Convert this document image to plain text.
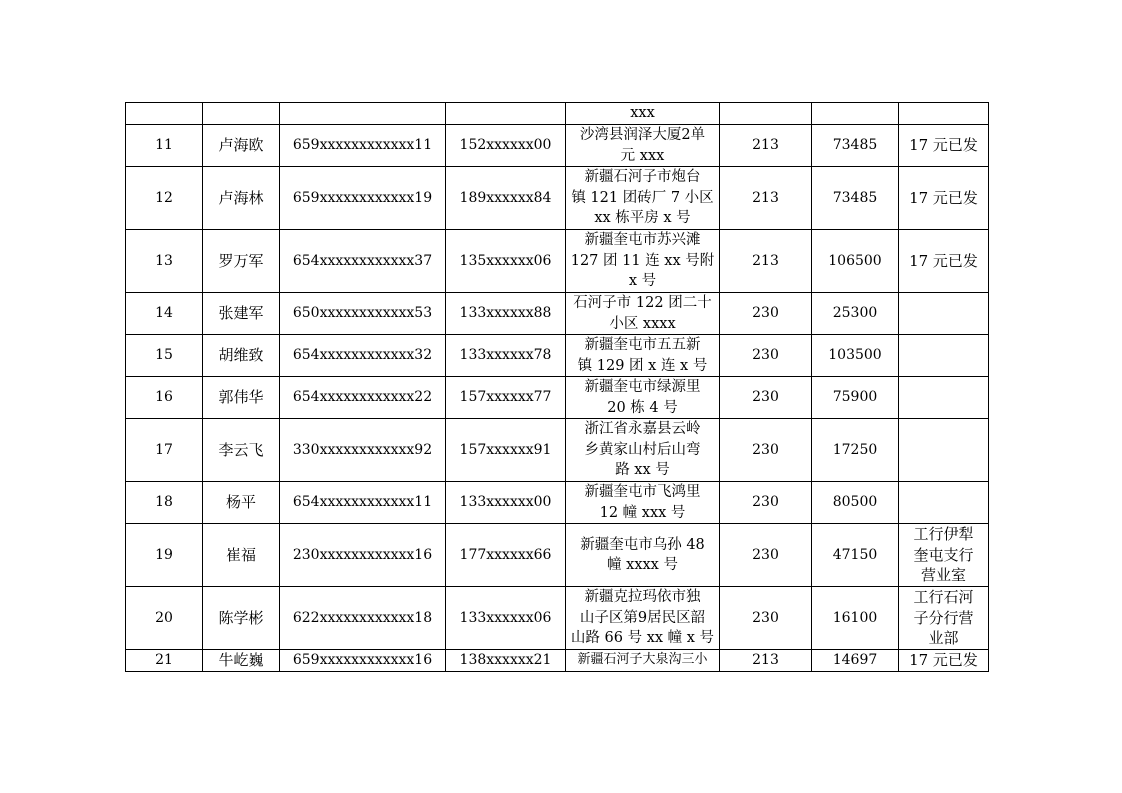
				xxx			

11	卢海欧	659xxxxxxxxxxxx11	152xxxxxx00	沙湾县润泽大厦2单
元 xxx	213	73485	17 元已发

12	卢海林	659xxxxxxxxxxxx19	189xxxxxx84	新疆石河子市炮台
镇 121 团砖厂 7 小区
xx 栋平房 x 号	213	73485	17 元已发

13	罗万军	654xxxxxxxxxxxx37	135xxxxxx06	新疆奎屯市苏兴滩
127 团 11 连 xx 号附
x 号	213	106500	17 元已发

14	张建军	650xxxxxxxxxxxx53	133xxxxxx88	石河子市 122 团二十
小区 xxxx	230	25300	
15	胡维致	654xxxxxxxxxxxx32	133xxxxxx78	新疆奎屯市五五新
镇 129 团 x 连 x 号	230	103500	
16	郭伟华	654xxxxxxxxxxxx22	157xxxxxx77	新疆奎屯市绿源里
20 栋 4 号	230	75900	
17	李云飞	330xxxxxxxxxxxx92	157xxxxxx91	浙江省永嘉县云岭
乡黄家山村后山弯
路 xx 号	230	17250	
18	杨平	654xxxxxxxxxxxx11	133xxxxxx00	新疆奎屯市飞鸿里
12 幢 xxx 号	230	80500	
19	崔福	230xxxxxxxxxxxx16	177xxxxxx66	新疆奎屯市乌孙 48
幢 xxxx 号	230	47150	工行伊犁
奎屯支行
营业室

20	陈学彬	622xxxxxxxxxxxx18	133xxxxxx06	新疆克拉玛依市独
山子区第9居民区韶
山路 66 号 xx 幢 x 号	230	16100	工行石河
子分行营
业部

21	牛屹巍	659xxxxxxxxxxxx16	138xxxxxx21	新疆石河子大泉沟三小	213	14697	17 元已发
